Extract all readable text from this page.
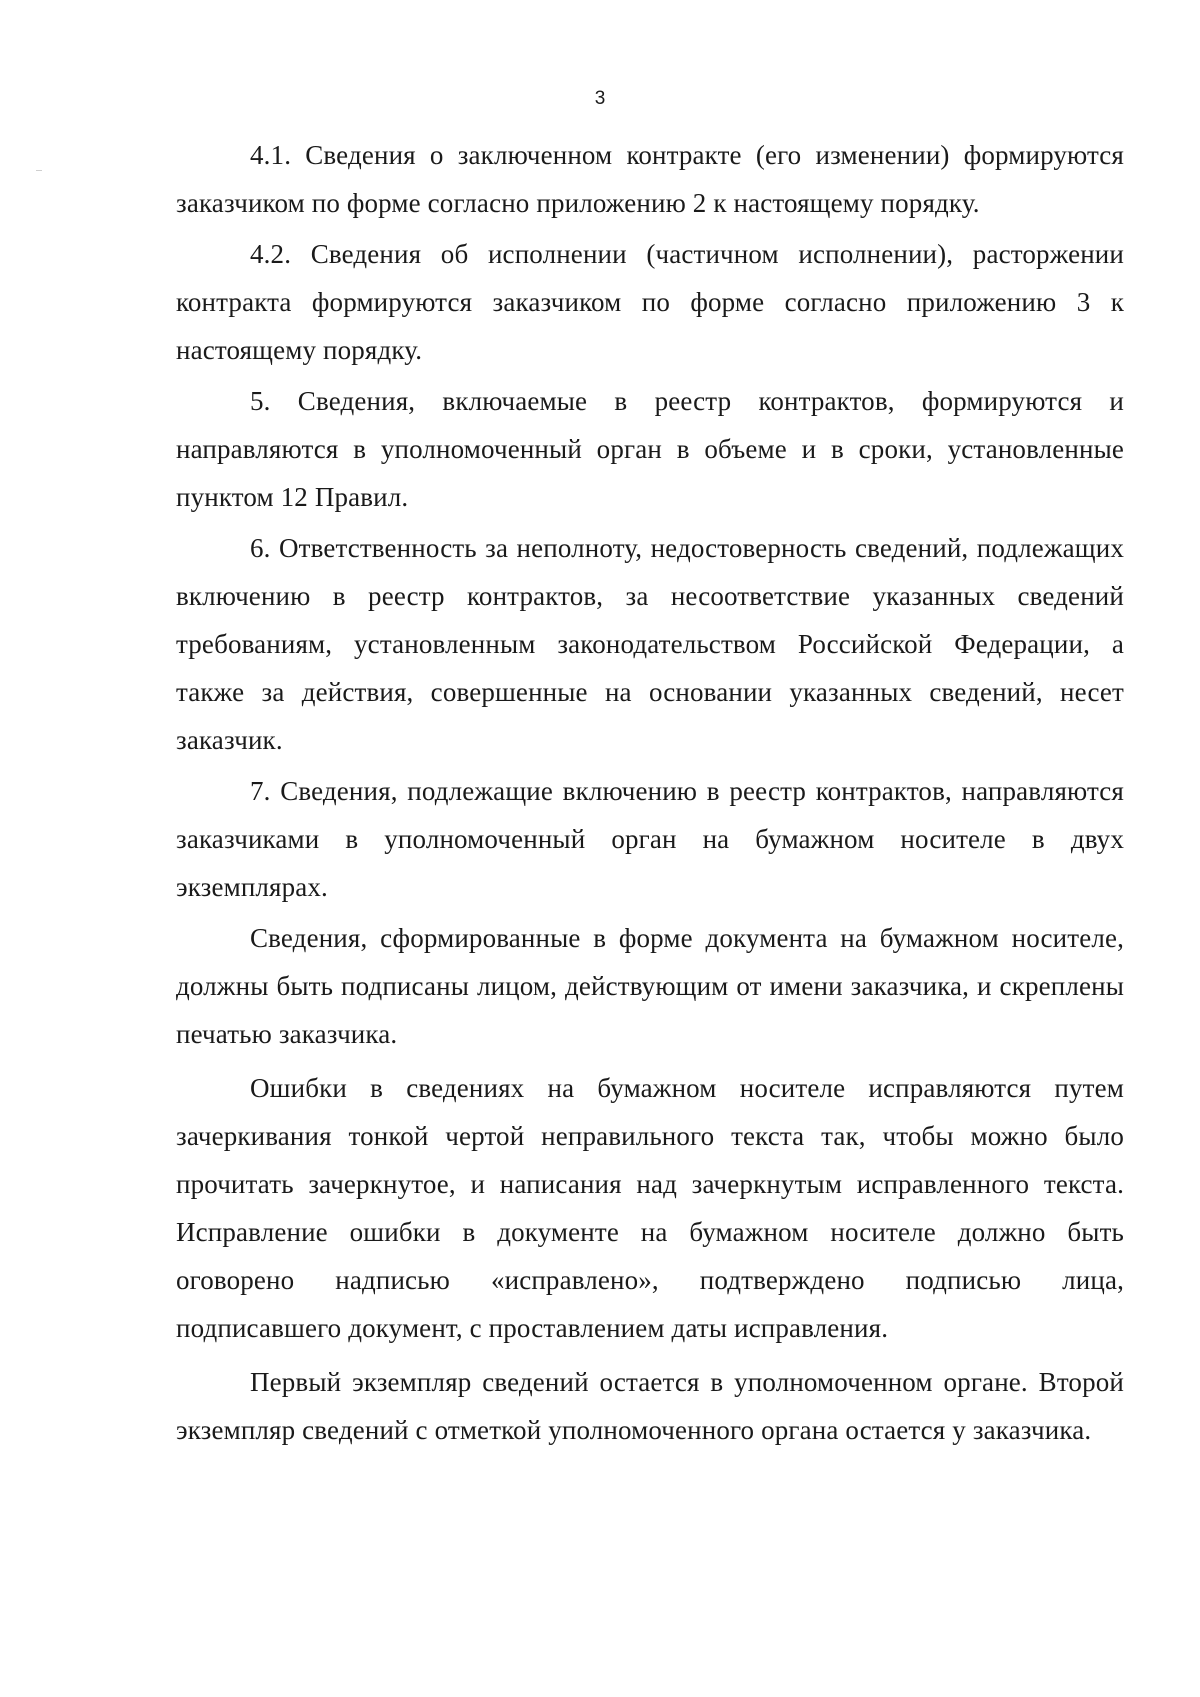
3

4.1. Сведения о заключенном контракте (его изменении) формируются заказчиком по форме согласно приложению 2 к настоящему порядку.

4.2. Сведения об исполнении (частичном исполнении), расторжении контракта формируются заказчиком по форме согласно приложению 3 к настоящему порядку.

5. Сведения, включаемые в реестр контрактов, формируются и направляются в уполномоченный орган в объеме и в сроки, установленные пунктом 12 Правил.

6. Ответственность за неполноту, недостоверность сведений, подлежащих включению в реестр контрактов, за несоответствие указанных сведений требованиям, установленным законодательством Российской Федерации, а также за действия, совершенные на основании указанных сведений, несет заказчик.

7. Сведения, подлежащие включению в реестр контрактов, направляются заказчиками в уполномоченный орган на бумажном носителе в двух экземплярах.

Сведения, сформированные в форме документа на бумажном носителе, должны быть подписаны лицом, действующим от имени заказчика, и скреплены печатью заказчика.

Ошибки в сведениях на бумажном носителе исправляются путем зачеркивания тонкой чертой неправильного текста так, чтобы можно было прочитать зачеркнутое, и написания над зачеркнутым исправленного текста. Исправление ошибки в документе на бумажном носителе должно быть оговорено надписью «исправлено», подтверждено подписью лица, подписавшего документ, с проставлением даты исправления.

Первый экземпляр сведений остается в уполномоченном органе. Второй экземпляр сведений с отметкой уполномоченного органа остается у заказчика.
